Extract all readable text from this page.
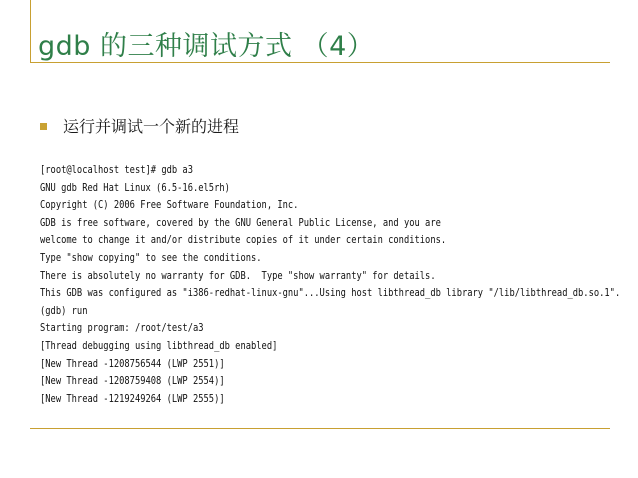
gdb 的三种调试方式 （4）
运行并调试一个新的进程
[root@localhost test]# gdb a3
GNU gdb Red Hat Linux (6.5-16.el5rh)
Copyright (C) 2006 Free Software Foundation, Inc.
GDB is free software, covered by the GNU General Public License, and you are
welcome to change it and/or distribute copies of it under certain conditions.
Type "show copying" to see the conditions.
There is absolutely no warranty for GDB.  Type "show warranty" for details.
This GDB was configured as "i386-redhat-linux-gnu"...Using host libthread_db library "/lib/libthread_db.so.1".
(gdb) run
Starting program: /root/test/a3
[Thread debugging using libthread_db enabled]
[New Thread -1208756544 (LWP 2551)]
[New Thread -1208759408 (LWP 2554)]
[New Thread -1219249264 (LWP 2555)]
